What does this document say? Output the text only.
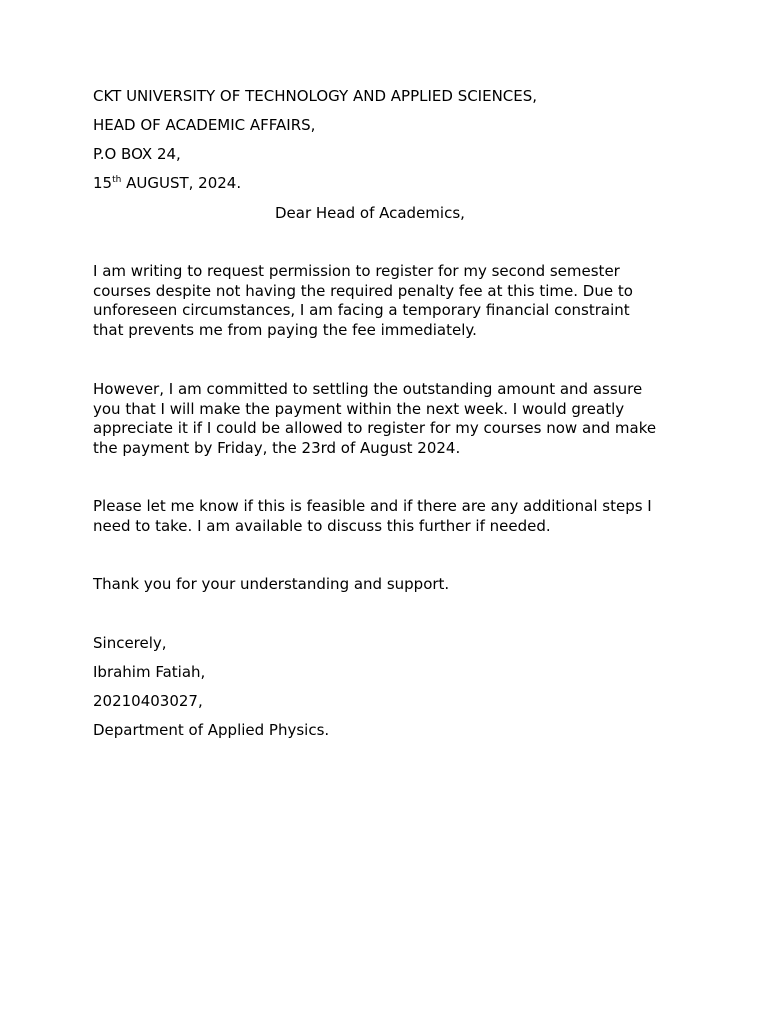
CKT UNIVERSITY OF TECHNOLOGY AND APPLIED SCIENCES,

HEAD OF ACADEMIC AFFAIRS,

P.O BOX 24,

15th AUGUST, 2024.

Dear Head of Academics,

I am writing to request permission to register for my second semester
courses despite not having the required penalty fee at this time. Due to
unforeseen circumstances, I am facing a temporary financial constraint
that prevents me from paying the fee immediately.
However, I am committed to settling the outstanding amount and assure
you that I will make the payment within the next week. I would greatly
appreciate it if I could be allowed to register for my courses now and make
the payment by Friday, the 23rd of August 2024.
Please let me know if this is feasible and if there are any additional steps I
need to take. I am available to discuss this further if needed.
Thank you for your understanding and support.

Sincerely,

Ibrahim Fatiah,

20210403027,

Department of Applied Physics.
